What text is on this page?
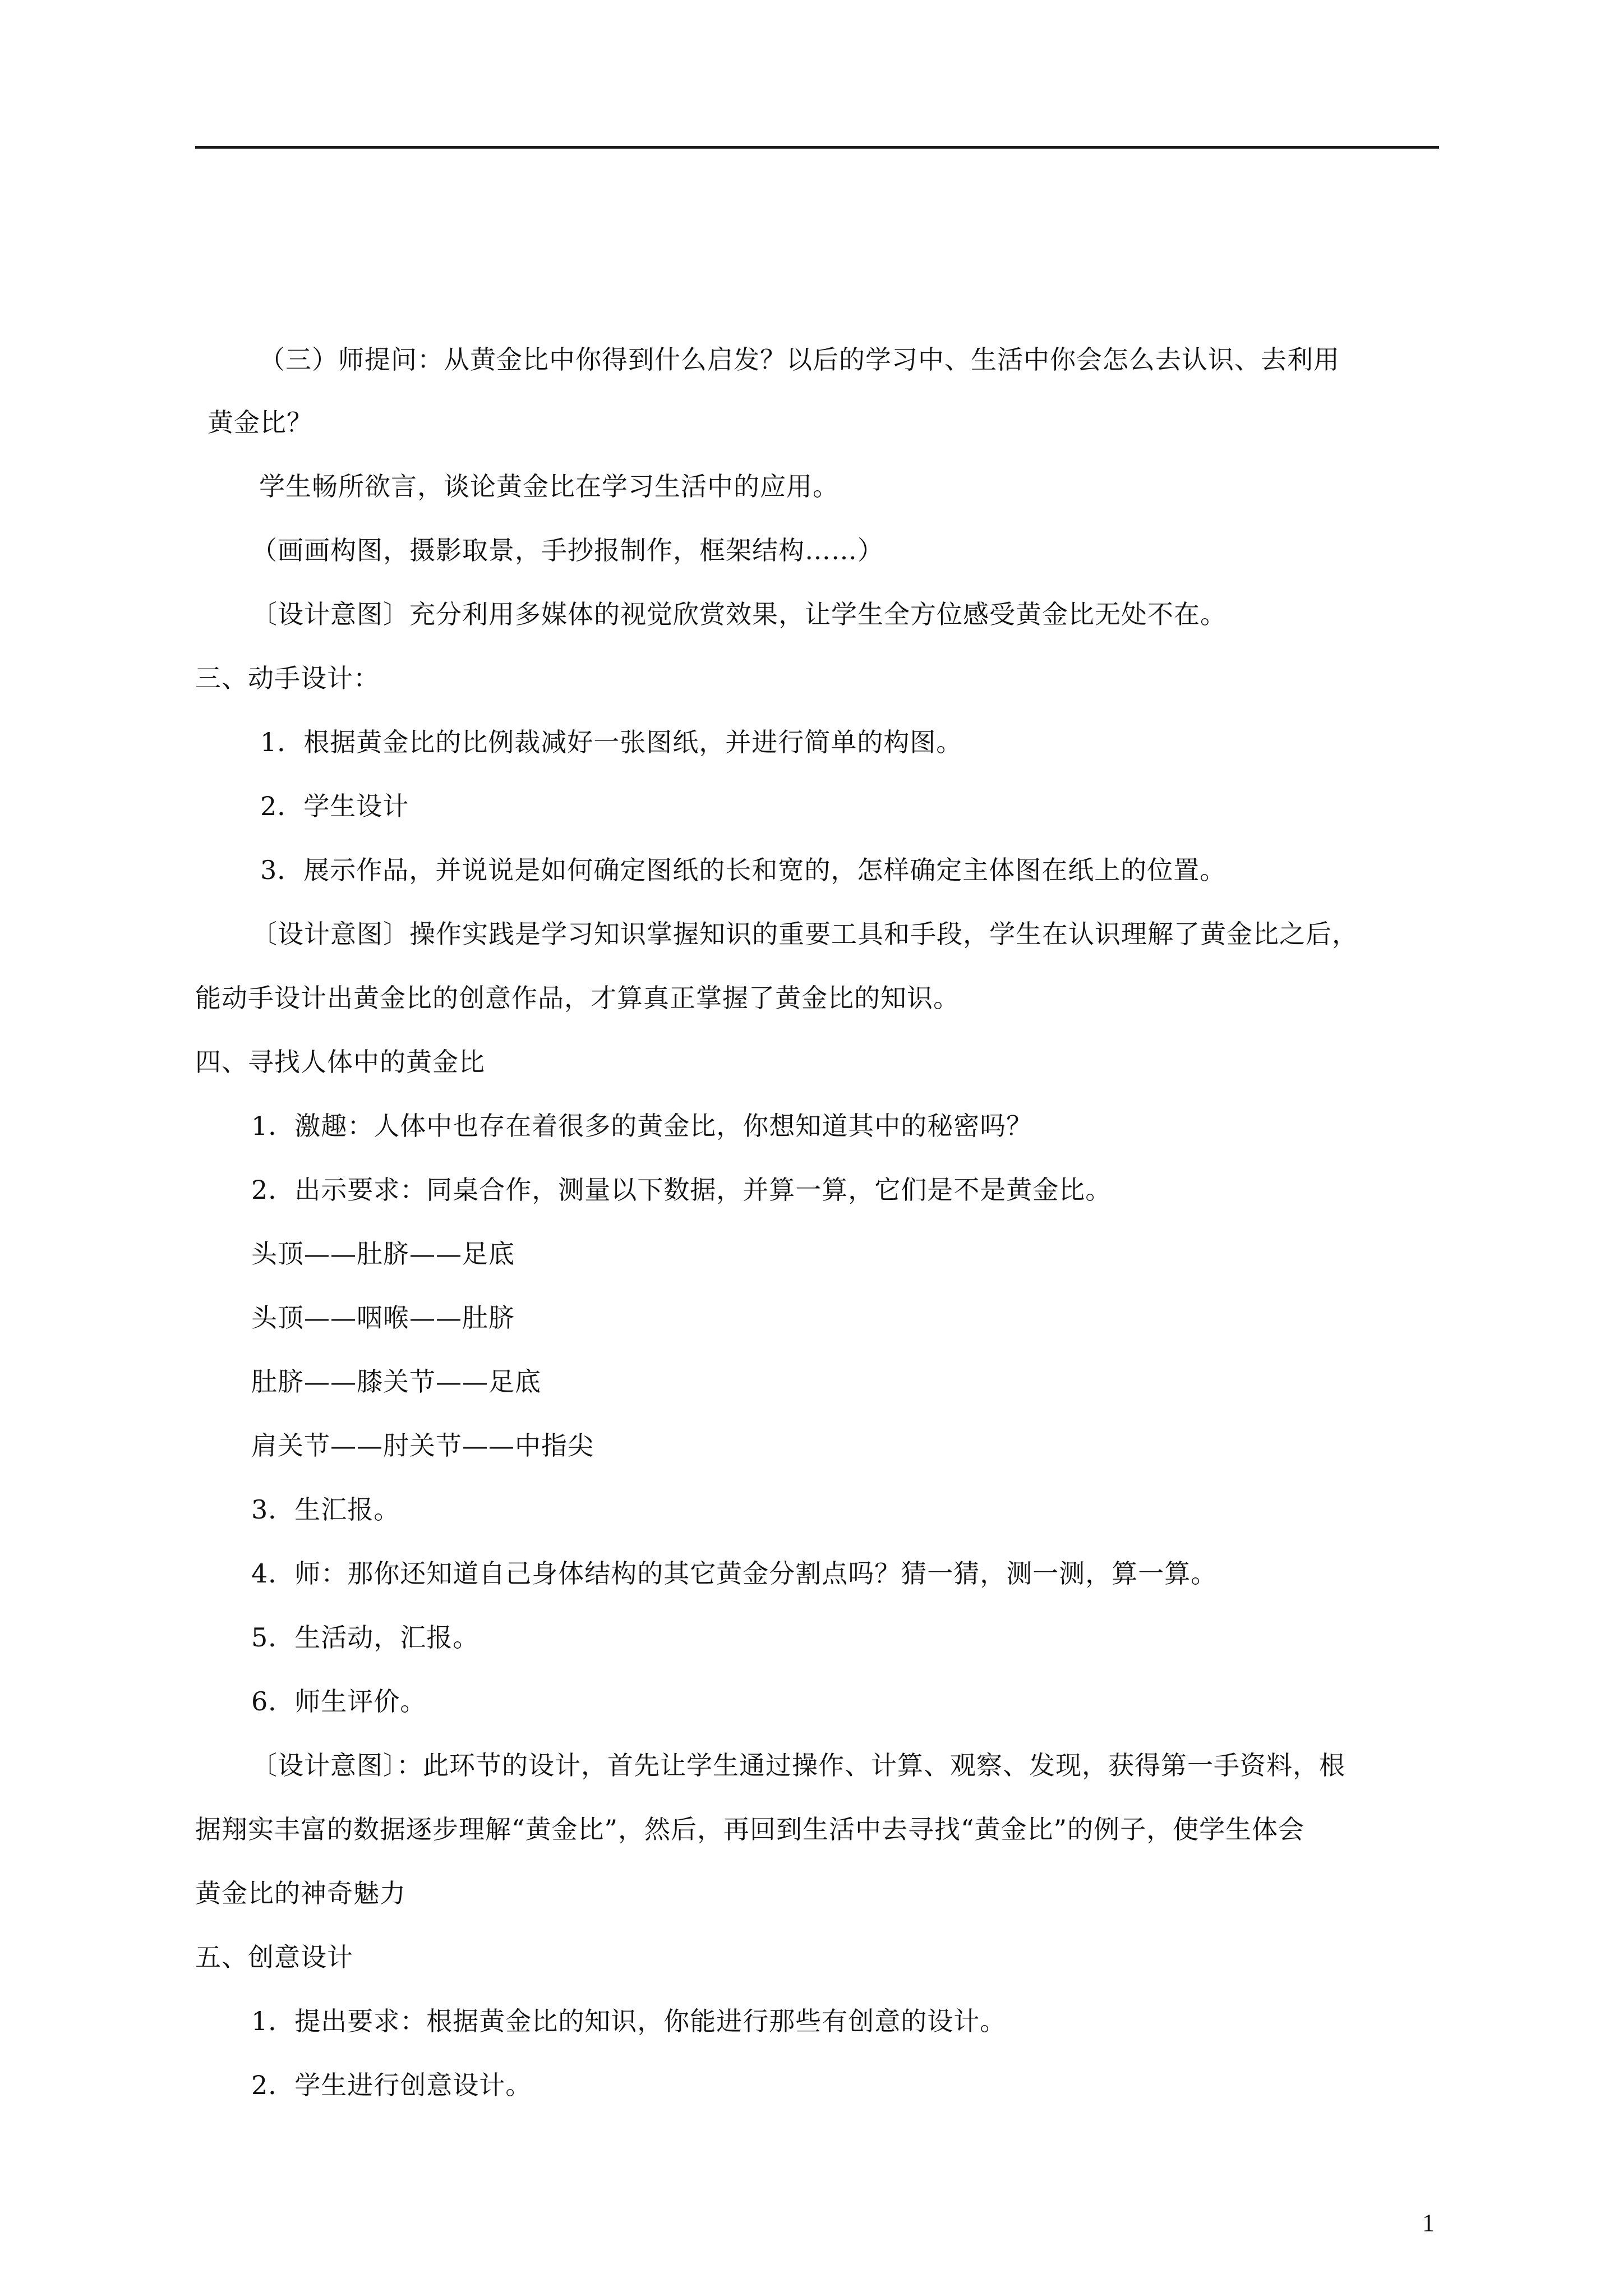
（三）师提问：从黄金比中你得到什么启发？以后的学习中、生活中你会怎么去认识、去利用
黄金比？
学生畅所欲言，谈论黄金比在学习生活中的应用。
（画画构图，摄影取景，手抄报制作，框架结构……）
〔设计意图〕充分利用多媒体的视觉欣赏效果，让学生全方位感受黄金比无处不在。
三、动手设计：
1．根据黄金比的比例裁减好一张图纸，并进行简单的构图。
2．学生设计
3．展示作品，并说说是如何确定图纸的长和宽的，怎样确定主体图在纸上的位置。
〔设计意图〕操作实践是学习知识掌握知识的重要工具和手段，学生在认识理解了黄金比之后，
能动手设计出黄金比的创意作品，才算真正掌握了黄金比的知识。
四、寻找人体中的黄金比
1．激趣：人体中也存在着很多的黄金比，你想知道其中的秘密吗？
2．出示要求：同桌合作，测量以下数据，并算一算，它们是不是黄金比。
头顶——肚脐——足底
头顶——咽喉——肚脐
肚脐——膝关节——足底
肩关节——肘关节——中指尖
3．生汇报。
4．师：那你还知道自己身体结构的其它黄金分割点吗？猜一猜，测一测，算一算。
5．生活动，汇报。
6．师生评价。
〔设计意图〕：此环节的设计，首先让学生通过操作、计算、观察、发现，获得第一手资料，根
据翔实丰富的数据逐步理解“黄金比”，然后，再回到生活中去寻找“黄金比”的例子，使学生体会
黄金比的神奇魅力
五、创意设计
1．提出要求：根据黄金比的知识，你能进行那些有创意的设计。
2．学生进行创意设计。
1
